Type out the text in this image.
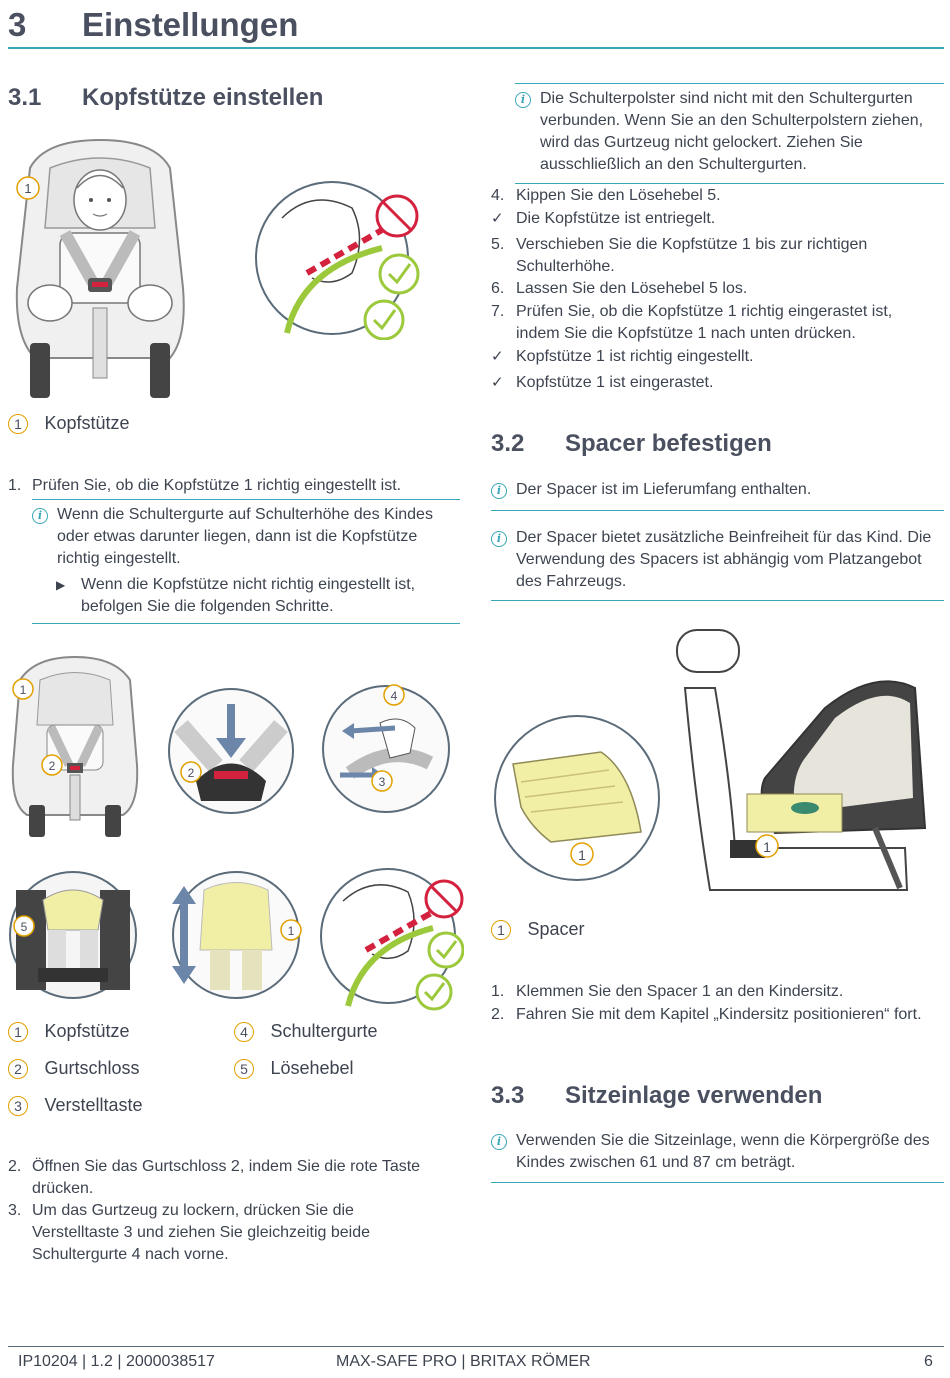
3 Einstellungen
3.1 Kopfstütze einstellen
1
1 Kopfstütze
1. Prüfen Sie, ob die Kopfstütze 1 richtig eingestellt ist.
i Wenn die Schultergurte auf Schulterhöhe des Kindes oder etwas darunter liegen, dann ist die Kopfstütze richtig eingestellt.
▶ Wenn die Kopfstütze nicht richtig eingestellt ist, befolgen Sie die folgenden Schritte.
1
2	2
4
3
5	1
1 Kopfstütze
2 Gurtschloss
3 Verstelltaste
4 Schultergurte
5 Lösehebel
2. Öffnen Sie das Gurtschloss 2, indem Sie die rote Taste drücken.
3. Um das Gurtzeug zu lockern, drücken Sie die Verstelltaste 3 und ziehen Sie gleichzeitig beide Schultergurte 4 nach vorne.
i Die Schulterpolster sind nicht mit den Schultergurten verbunden. Wenn Sie an den Schulterpolstern ziehen, wird das Gurtzeug nicht gelockert. Ziehen Sie ausschließlich an den Schultergurten.
4. Kippen Sie den Lösehebel 5.
✓ Die Kopfstütze ist entriegelt.
5. Verschieben Sie die Kopfstütze 1 bis zur richtigen Schulterhöhe.
6. Lassen Sie den Lösehebel 5 los.
7. Prüfen Sie, ob die Kopfstütze 1 richtig eingerastet ist, indem Sie die Kopfstütze 1 nach unten drücken.
✓ Kopfstütze 1 ist richtig eingestellt.
✓ Kopfstütze 1 ist eingerastet.
3.2 Spacer befestigen
i Der Spacer ist im Lieferumfang enthalten.
i Der Spacer bietet zusätzliche Beinfreiheit für das Kind. Die Verwendung des Spacers ist abhängig vom Platzangebot des Fahrzeugs.
1	1
1 Spacer
1. Klemmen Sie den Spacer 1 an den Kindersitz.
2. Fahren Sie mit dem Kapitel „Kindersitz positionieren“ fort.
3.3 Sitzeinlage verwenden
i Verwenden Sie die Sitzeinlage, wenn die Körpergröße des Kindes zwischen 61 und 87 cm beträgt.
IP10204 | 1.2 | 2000038517	MAX-SAFE PRO | BRITAX RÖMER	6
